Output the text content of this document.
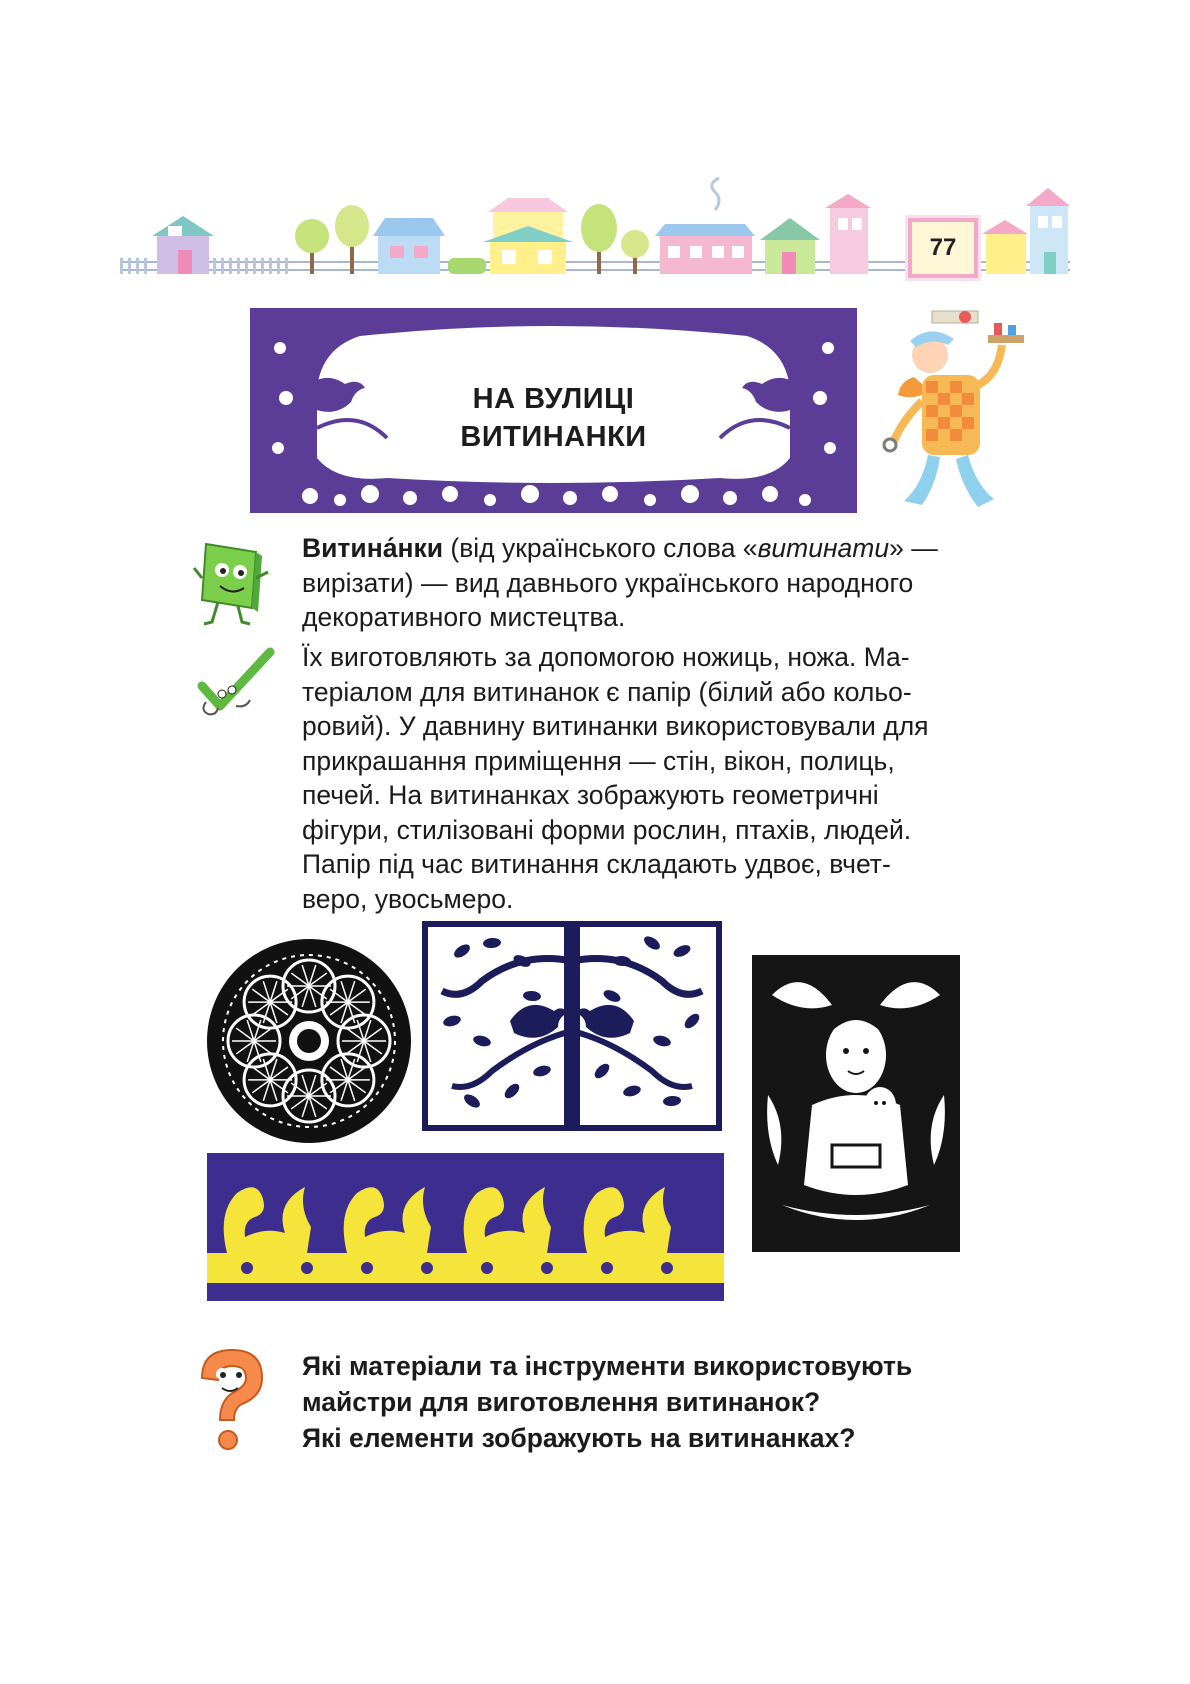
77
НА ВУЛИЦІ
ВИТИНАНКИ
Витина́нки (від українського слова «витинати» —
вирізати) — вид давнього українського народного
декоративного мистецтва.
Їх виготовляють за допомогою ножиць, ножа. Ма-
теріалом для витинанок є папір (білий або кольо-
ровий). У давнину витинанки використовували для
прикрашання приміщення — стін, вікон, полиць,
печей. На витинанках зображують геометричні
фігури, стилізовані форми рослин, птахів, людей.
Папір під час витинання складають удвоє, вчет-
веро, увосьмеро.
Які матеріали та інструменти використовують
майстри для виготовлення витинанок?
Які елементи зображують на витинанках?
